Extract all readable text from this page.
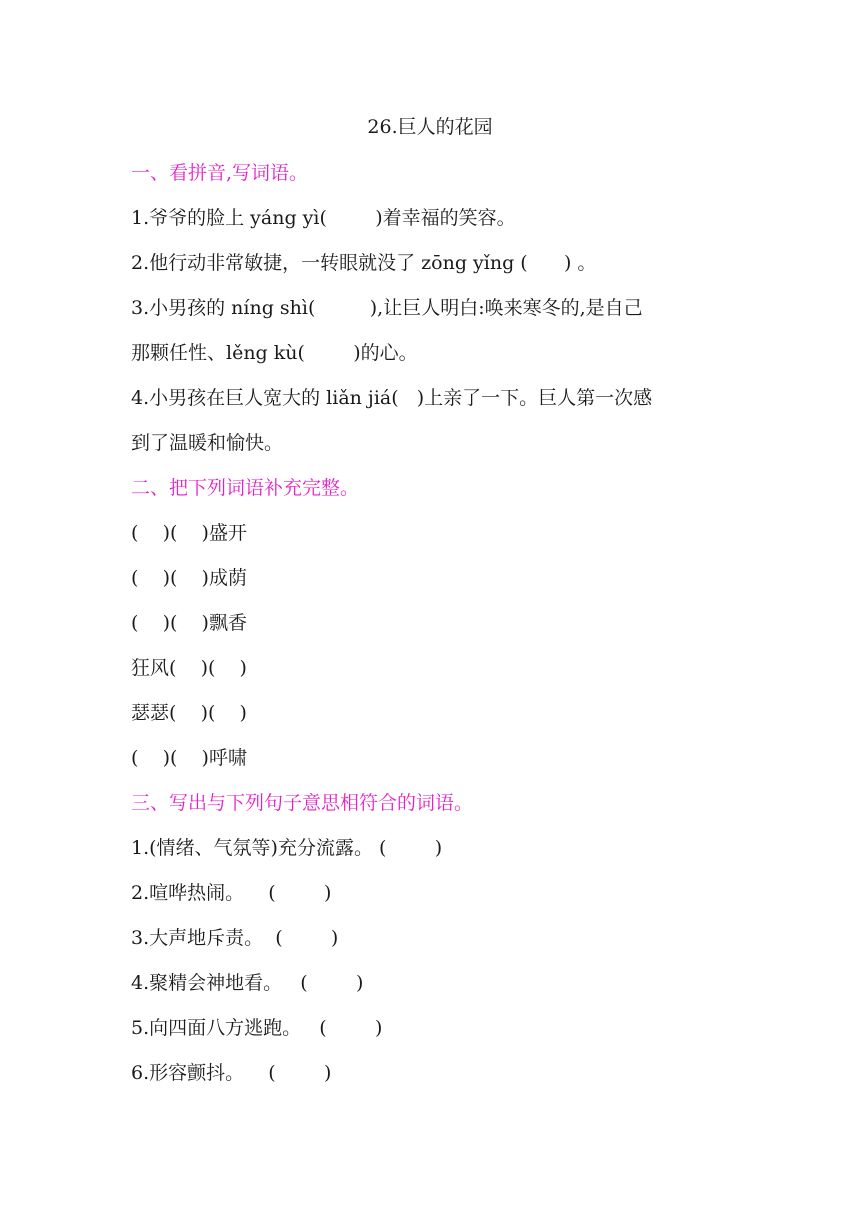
26.巨人的花园
一、看拼音,写词语。
1.爷爷的脸上 yáng yì(        )着幸福的笑容。
2.他行动非常敏捷，一转眼就没了 zōng yǐng (      ) 。
3.小男孩的 níng shì(         ),让巨人明白:唤来寒冬的,是自己
那颗任性、lěng kù(        )的心。
4.小男孩在巨人宽大的 liǎn jiá(   )上亲了一下。巨人第一次感
到了温暖和愉快。
二、把下列词语补充完整。
(    )(    )盛开
(    )(    )成荫
(    )(    )飘香
狂风(    )(    )
瑟瑟(    )(    )
(    )(    )呼啸
三、写出与下列句子意思相符合的词语。
1.(情绪、气氛等)充分流露。 (        )
2.喧哗热闹。    (        )
3.大声地斥责。  (        )
4.聚精会神地看。   (        )
5.向四面八方逃跑。   (        )
6.形容颤抖。    (        )
